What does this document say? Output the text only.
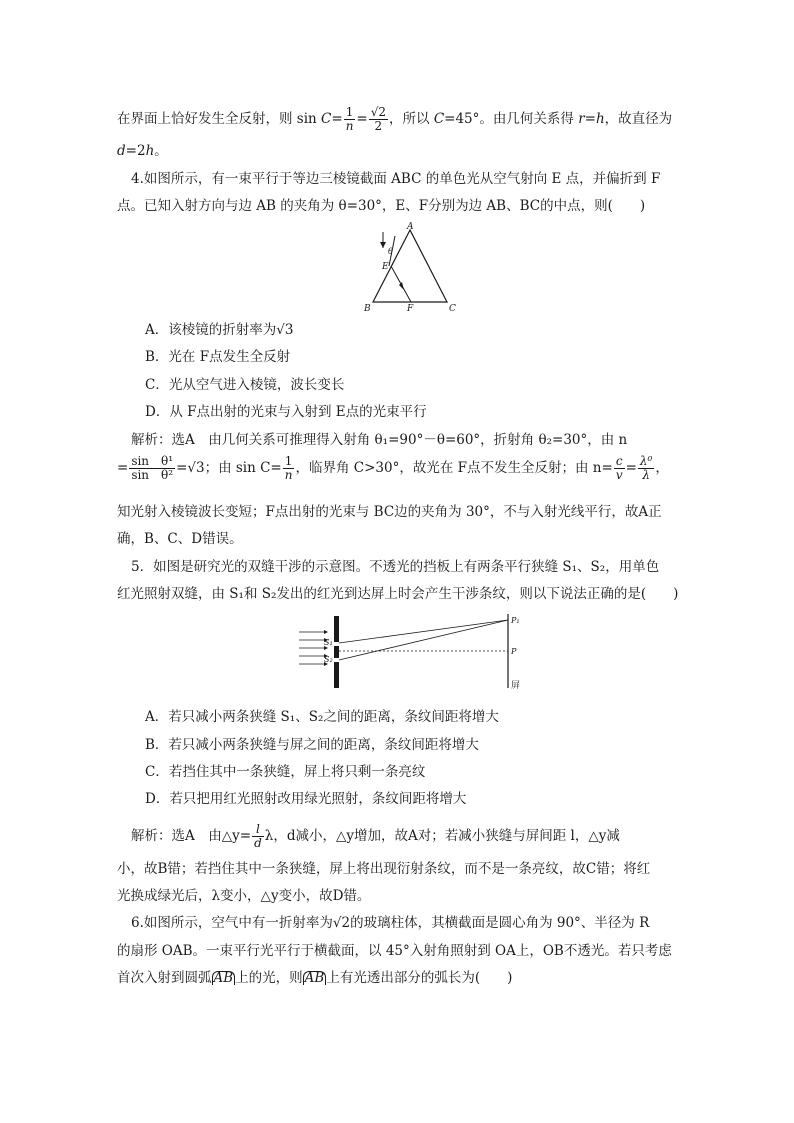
在界面上恰好发生全反射，则 $\sin C= \frac{1}{n} = \frac{√2}{2}$ ，所以 C=45°。由几何关系得 r=h，故直径为
d=2h。
4.如图所示，有一束平行于等边三棱镜截面 ABC 的单色光从空气射向 E 点，并偏折到 F
点。已知入射方向与边 AB 的夹角为 θ=30°，E、F分别为边 AB、BC的中点，则(　　)
A
B	C
E
F
θ
A．该棱镜的折射率为√3
B．光在 F点发生全反射
C．光从空气进入棱镜，波长变长
D．从 F点出射的光束与入射到 E点的光束平行
解析：选A　由几何关系可推理得入射角 θ₁=90°－θ=60°，折射角 θ₂=30°，由 n
= $\frac{\text{sin　θ¹}}{\text{sin　θ²}} =√3$；由 $\sin C= \frac{1}{n}$ ，临界角 C>30°，故光在 F点不发生全反射；由 $n= \frac{c}{v} = \frac{\text{λ⁰}}{\lambda}$ ，
知光射入棱镜波长变短；F点出射的光束与 BC边的夹角为 30°，不与入射光线平行，故A正
确，B、C、D错误。
5．如图是研究光的双缝干涉的示意图。不透光的挡板上有两条平行狭缝 S₁、S₂，用单色
红光照射双缝，由 S₁和 S₂发出的红光到达屏上时会产生干涉条纹，则以下说法正确的是(　　)
S₁
S₂
P₁
P
屏
A．若只减小两条狭缝 S₁、S₂之间的距离，条纹间距将增大
B．若只减小两条狭缝与屏之间的距离，条纹间距将增大
C．若挡住其中一条狭缝，屏上将只剩一条亮纹
D．若只把用红光照射改用绿光照射，条纹间距将增大
解析：选A　由△y= $\frac{l}{d}$ λ，d减小，△y增加，故A对；若减小狭缝与屏间距 l，△y减
小，故B错；若挡住其中一条狭缝，屏上将出现衍射条纹，而不是一条亮纹，故C错；将红
光换成绿光后，λ变小，△y变小，故D错。
6.如图所示，空气中有一折射率为√2的玻璃柱体，其横截面是圆心角为 90°、半径为 R
的扇形 OAB。一束平行光平行于横截面，以 45°入射角照射到 OA上，OB不透光。若只考虑
首次入射到圆弧 AB 上的光，则 AB 上有光透出部分的弧长为(　　)
